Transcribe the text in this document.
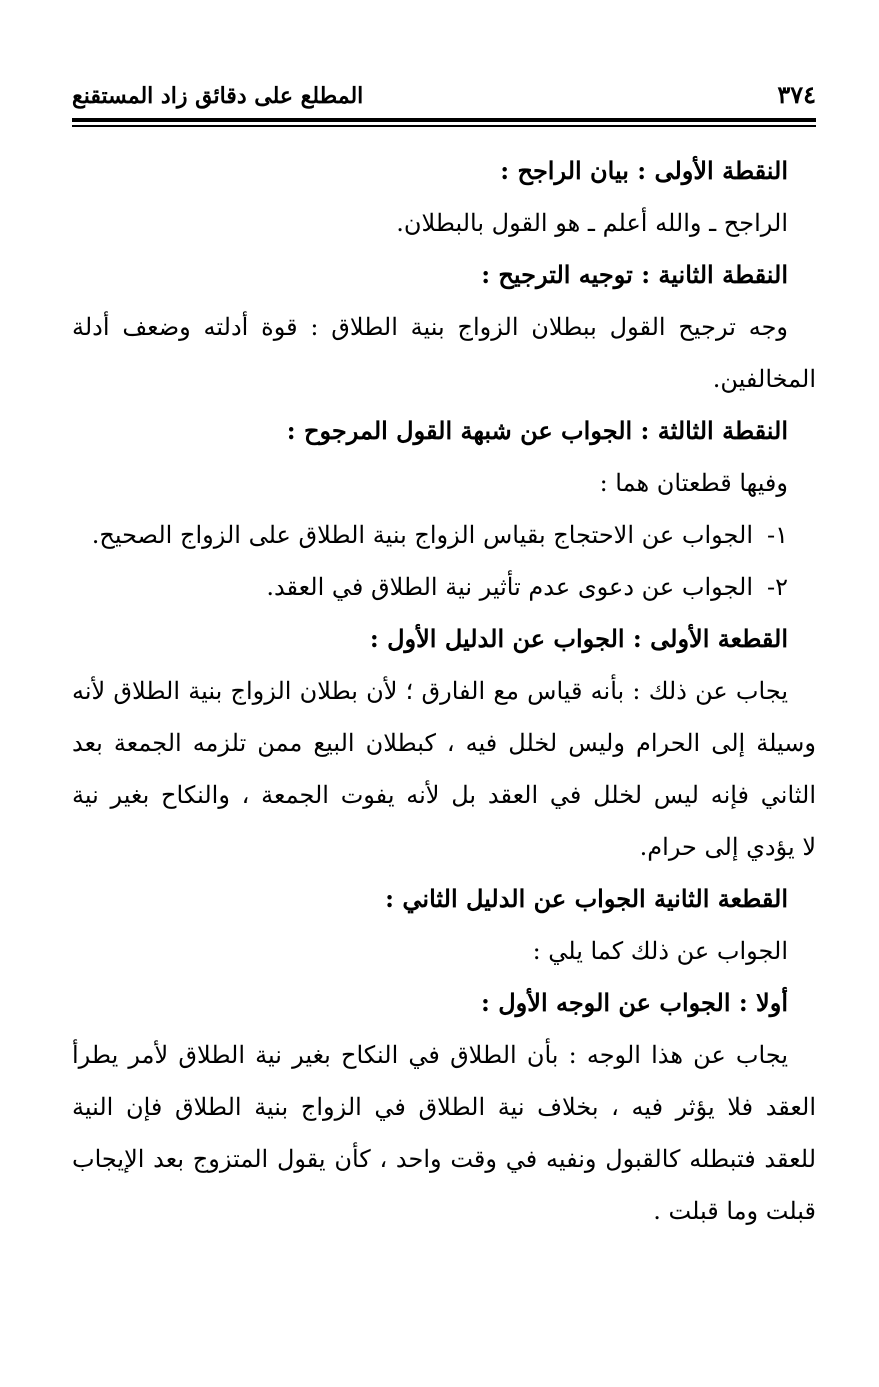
٣٧٤
المطلع على دقائق زاد المستقنع
النقطة الأولى : بيان الراجح :
الراجح ـ والله أعلم ـ هو القول بالبطلان.
النقطة الثانية : توجيه الترجيح :
وجه ترجيح القول ببطلان الزواج بنية الطلاق : قوة أدلته وضعف أدلة
المخالفين.
النقطة الثالثة : الجواب عن شبهة القول المرجوح :
وفيها قطعتان هما :
١-الجواب عن الاحتجاج بقياس الزواج بنية الطلاق على الزواج الصحيح.
٢-الجواب عن دعوى عدم تأثير نية الطلاق في العقد.
القطعة الأولى : الجواب عن الدليل الأول :
يجاب عن ذلك : بأنه قياس مع الفارق ؛ لأن بطلان الزواج بنية الطلاق لأنه
وسيلة إلى الحرام وليس لخلل فيه ، كبطلان البيع ممن تلزمه الجمعة بعد
الثاني فإنه ليس لخلل في العقد بل لأنه يفوت الجمعة ، والنكاح بغير نية
لا يؤدي إلى حرام.
القطعة الثانية الجواب عن الدليل الثاني :
الجواب عن ذلك كما يلي :
أولا : الجواب عن الوجه الأول :
يجاب عن هذا الوجه : بأن الطلاق في النكاح بغير نية الطلاق لأمر يطرأ
العقد فلا يؤثر فيه ، بخلاف نية الطلاق في الزواج بنية الطلاق فإن النية
للعقد فتبطله كالقبول ونفيه في وقت واحد ، كأن يقول المتزوج بعد الإيجاب
قبلت وما قبلت .
